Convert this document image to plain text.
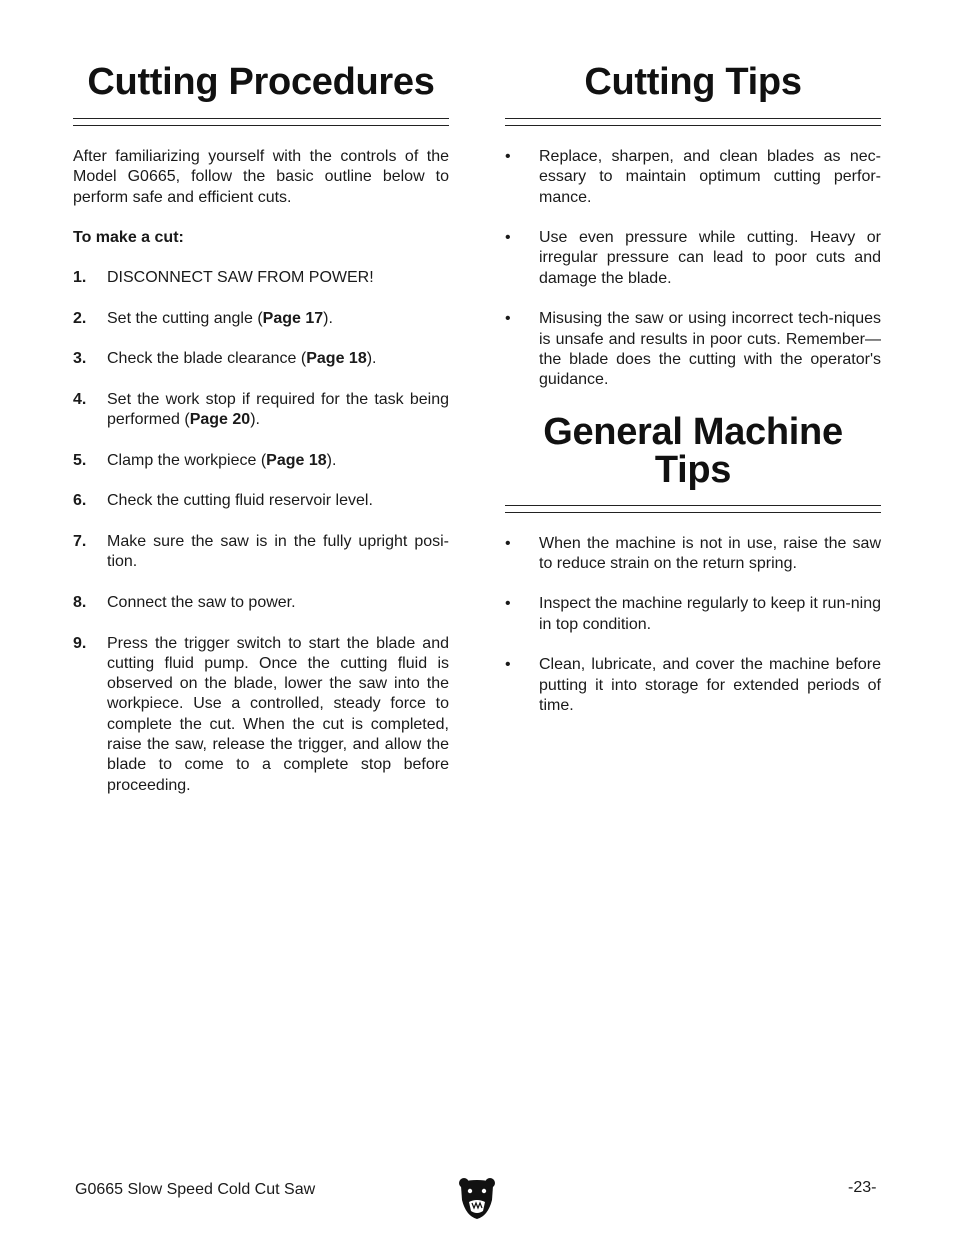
Cutting Procedures

After familiarizing yourself with the controls of the Model G0665, follow the basic outline below to perform safe and efficient cuts.

To make a cut:

1. DISCONNECT SAW FROM POWER!
2. Set the cutting angle (Page 17).
3. Check the blade clearance (Page 18).
4. Set the work stop if required for the task being performed (Page 20).
5. Clamp the workpiece (Page 18).
6. Check the cutting fluid reservoir level.
7. Make sure the saw is in the fully upright posi-tion.
8. Connect the saw to power.
9. Press the trigger switch to start the blade and cutting fluid pump. Once the cutting fluid is observed on the blade, lower the saw into the workpiece. Use a controlled, steady force to complete the cut. When the cut is completed, raise the saw, release the trigger, and allow the blade to come to a complete stop before proceeding.
Cutting Tips
• Replace, sharpen, and clean blades as nec-essary to maintain optimum cutting perfor-mance.
• Use even pressure while cutting. Heavy or irregular pressure can lead to poor cuts and damage the blade.
• Misusing the saw or using incorrect tech-niques is unsafe and results in poor cuts. Remember—the blade does the cutting with the operator's guidance.
General Machine
Tips
• When the machine is not in use, raise the saw to reduce strain on the return spring.
• Inspect the machine regularly to keep it run-ning in top condition.
• Clean, lubricate, and cover the machine before putting it into storage for extended periods of time.
G0665 Slow Speed Cold Cut Saw	-23-
